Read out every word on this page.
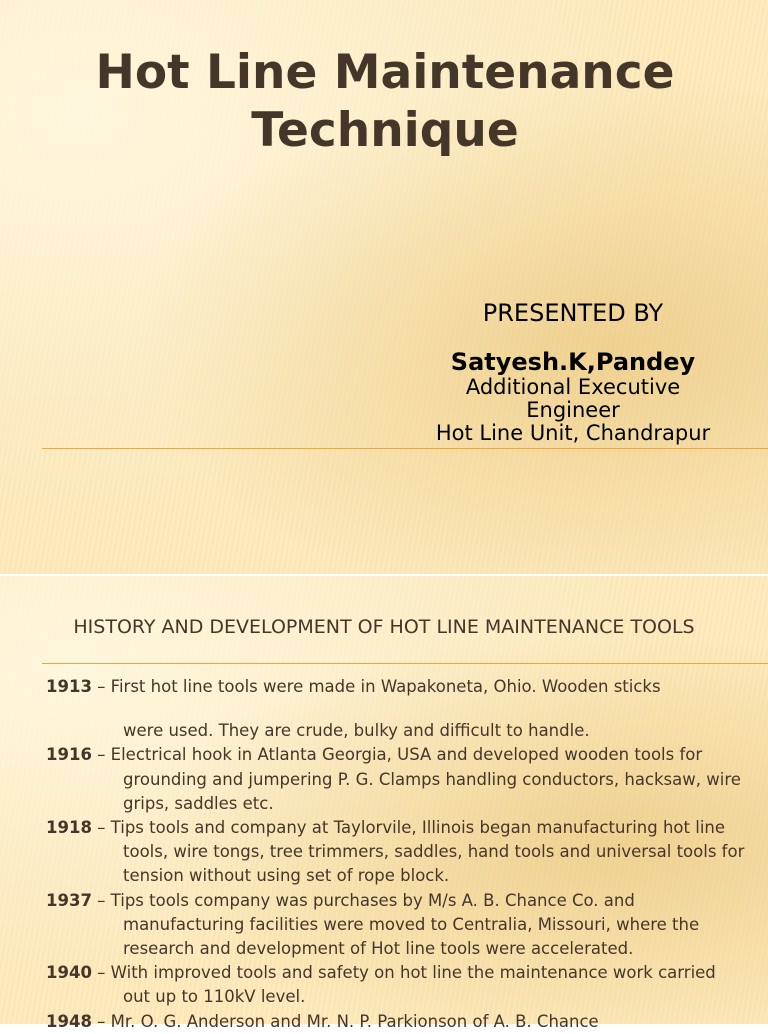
Hot Line Maintenance
Technique
PRESENTED BY
Satyesh.K,Pandey
Additional Executive
Engineer
Hot Line Unit, Chandrapur
HISTORY AND DEVELOPMENT OF HOT LINE MAINTENANCE TOOLS

1913 – First hot line tools were made in Wapakoneta, Ohio. Wooden sticks

were used. They are crude, bulky and difficult to handle.

1916 – Electrical hook in Atlanta Georgia, USA and developed wooden tools for grounding and jumpering P. G. Clamps handling conductors, hacksaw, wire grips, saddles etc.

1918 – Tips tools and company at Taylorvile, Illinois began manufacturing hot line tools, wire tongs, tree trimmers, saddles, hand tools and universal tools for tension without using set of rope block.

1937 – Tips tools company was purchases by M/s A. B. Chance Co. and manufacturing facilities were moved to Centralia, Missouri, where the research and development of Hot line tools were accelerated.

1940 – With improved tools and safety on hot line the maintenance work carried out up to 110kV level.

1948 – Mr. O. G. Anderson and Mr. N. P. Parkionson of A. B. Chance
